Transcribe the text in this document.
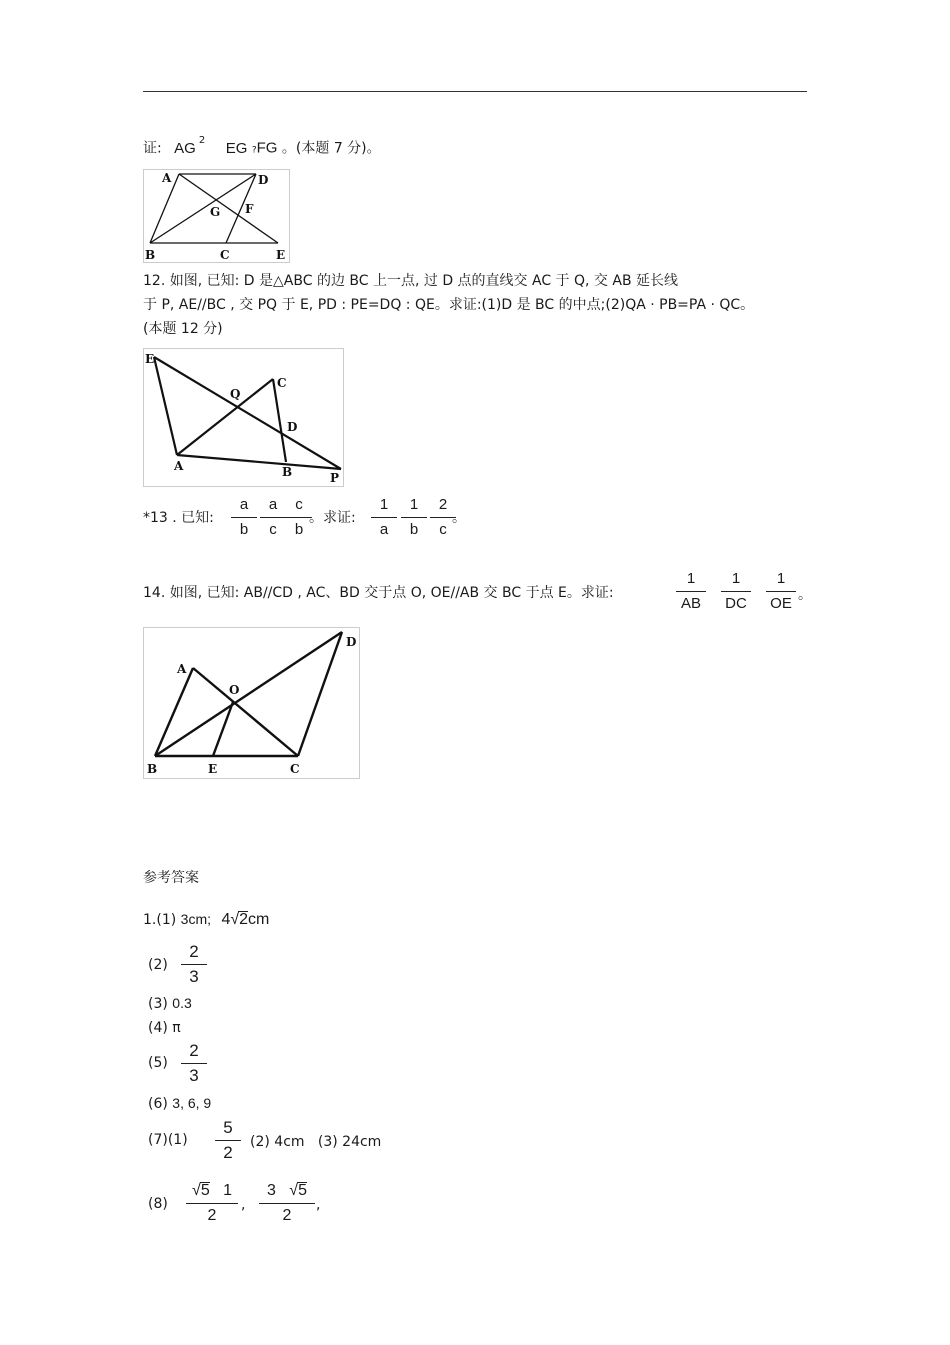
证: AG $^2$ EG ?FG 。(本题 7 分)。
A	D
G F
B	C	E
12. 如图, 已知: D 是△ABC 的边 BC 上一点, 过 D 点的直线交 AC 于 Q, 交 AB 延长线
于 P, AE//BC , 交 PQ 于 E, PD : PE=DQ : QE。求证:(1)D 是 BC 的中点;(2)QA · PB=PA · QC。
(本题 12 分)
E
Q
C
D
A	B	P
*13 . 已知:
a
b
a
c
c
b
。求证:
1
a
1
b
2
c
。
14. 如图, 已知: AB//CD , AC、BD 交于点 O, OE//AB 交 BC 于点 E。求证:
1
AB
1
DC
1
OE 。
A
O
D
B	E	C
参考答案
1.(1) 3cm; 4√2cm
(2)
2
3
(3) 0.3
(4) π
(5)
2
3
(6) 3, 6, 9
(7)(1)
5
2
(2) 4cm (3) 24cm
(8)
√5 1
2
,
3 √5
2
,
